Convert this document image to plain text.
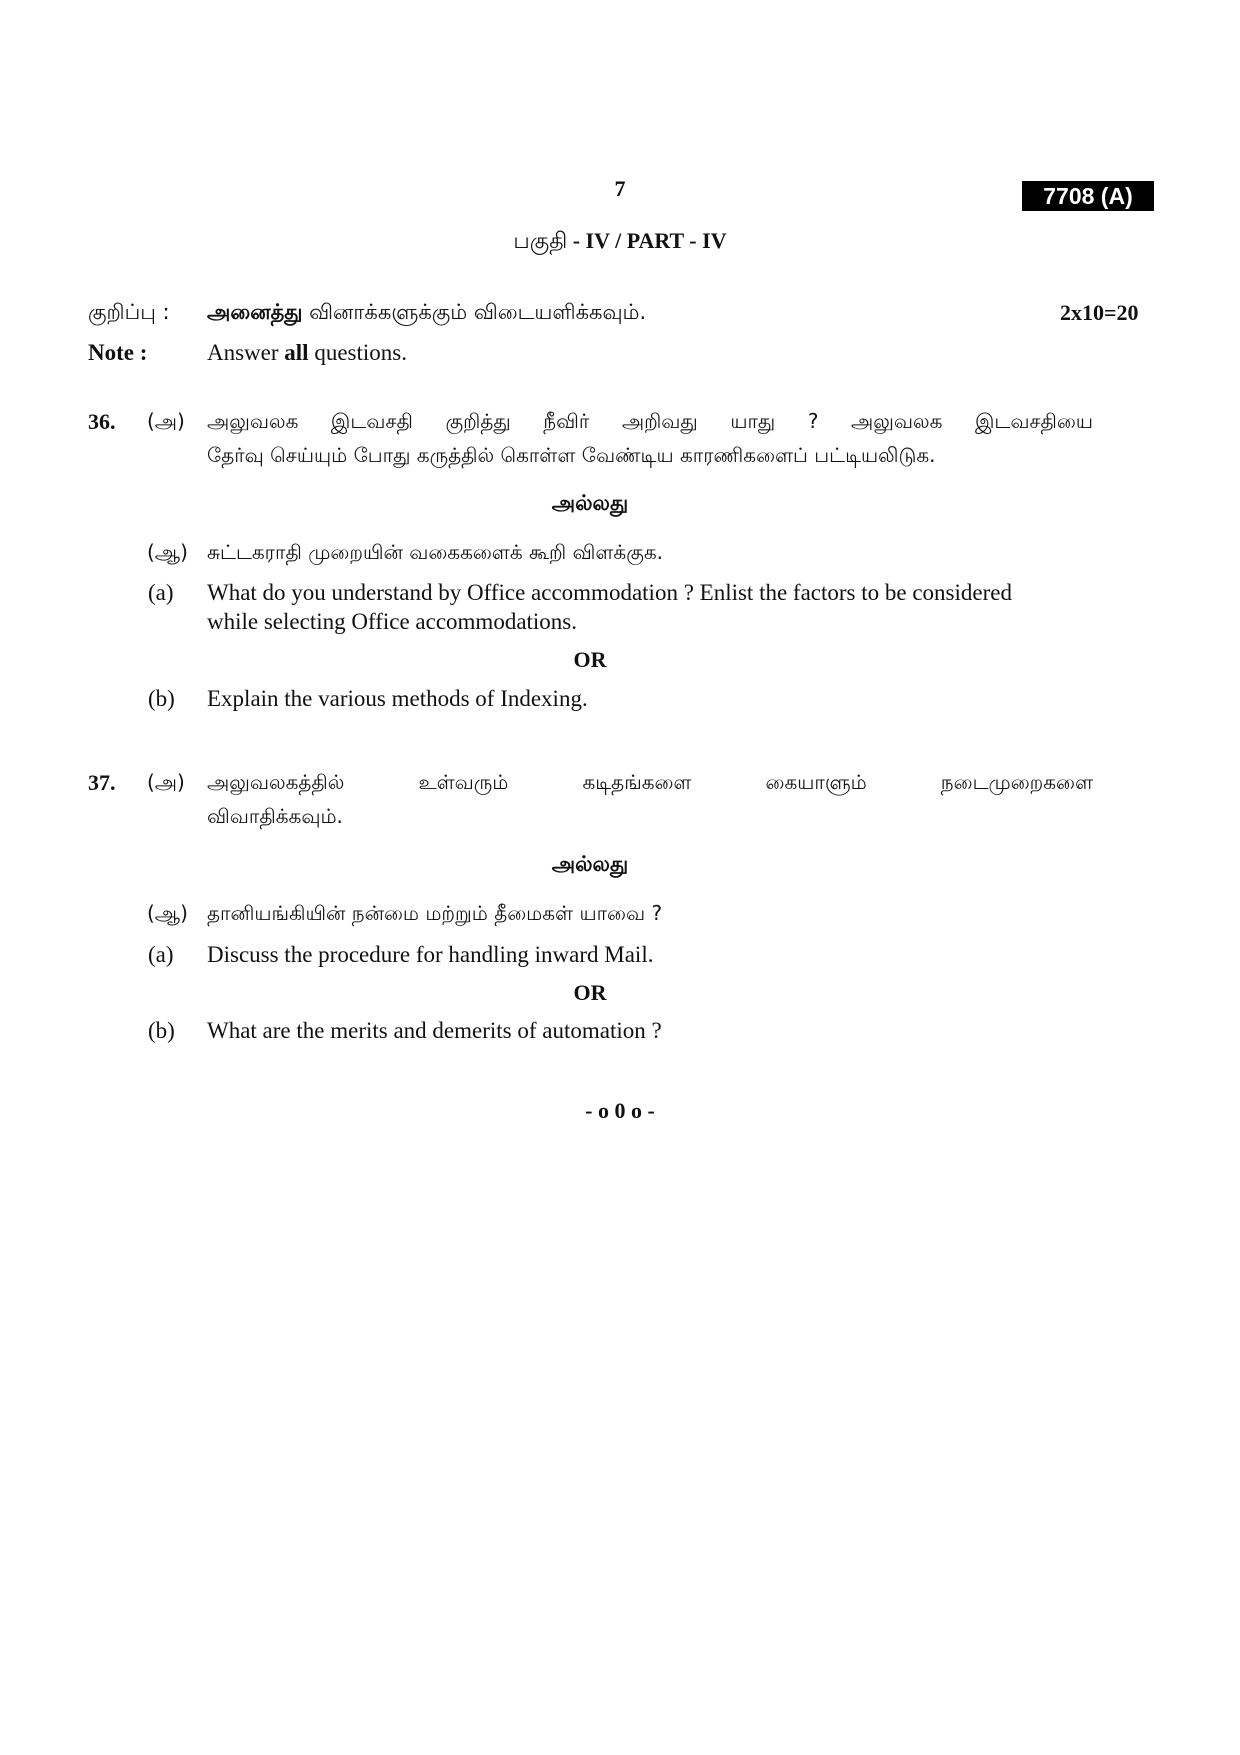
7	7708 (A)
பகுதி - IV / PART - IV
குறிப்பு : அனைத்து வினாக்களுக்கும் விடையளிக்கவும்.	2x10=20
Note :	Answer all questions.
36. (அ) அலுவலக இடவசதி குறித்து நீவிர் அறிவது யாது ? அலுவலக இடவசதியை
தேர்வு செய்யும் போது கருத்தில் கொள்ள வேண்டிய காரணிகளைப் பட்டியலிடுக.
அல்லது
(ஆ) சுட்டகராதி முறையின் வகைகளைக் கூறி விளக்குக.
(a) What do you understand by Office accommodation ? Enlist the factors to be considered
while selecting Office accommodations.
OR
(b) Explain the various methods of Indexing.
37. (அ) அலுவலகத்தில் உள்வரும் கடிதங்களை கையாளும் நடைமுறைகளை
விவாதிக்கவும்.
அல்லது
(ஆ) தானியங்கியின் நன்மை மற்றும் தீமைகள் யாவை ?
(a) Discuss the procedure for handling inward Mail.
OR
(b) What are the merits and demerits of automation ?
- o 0 o -
